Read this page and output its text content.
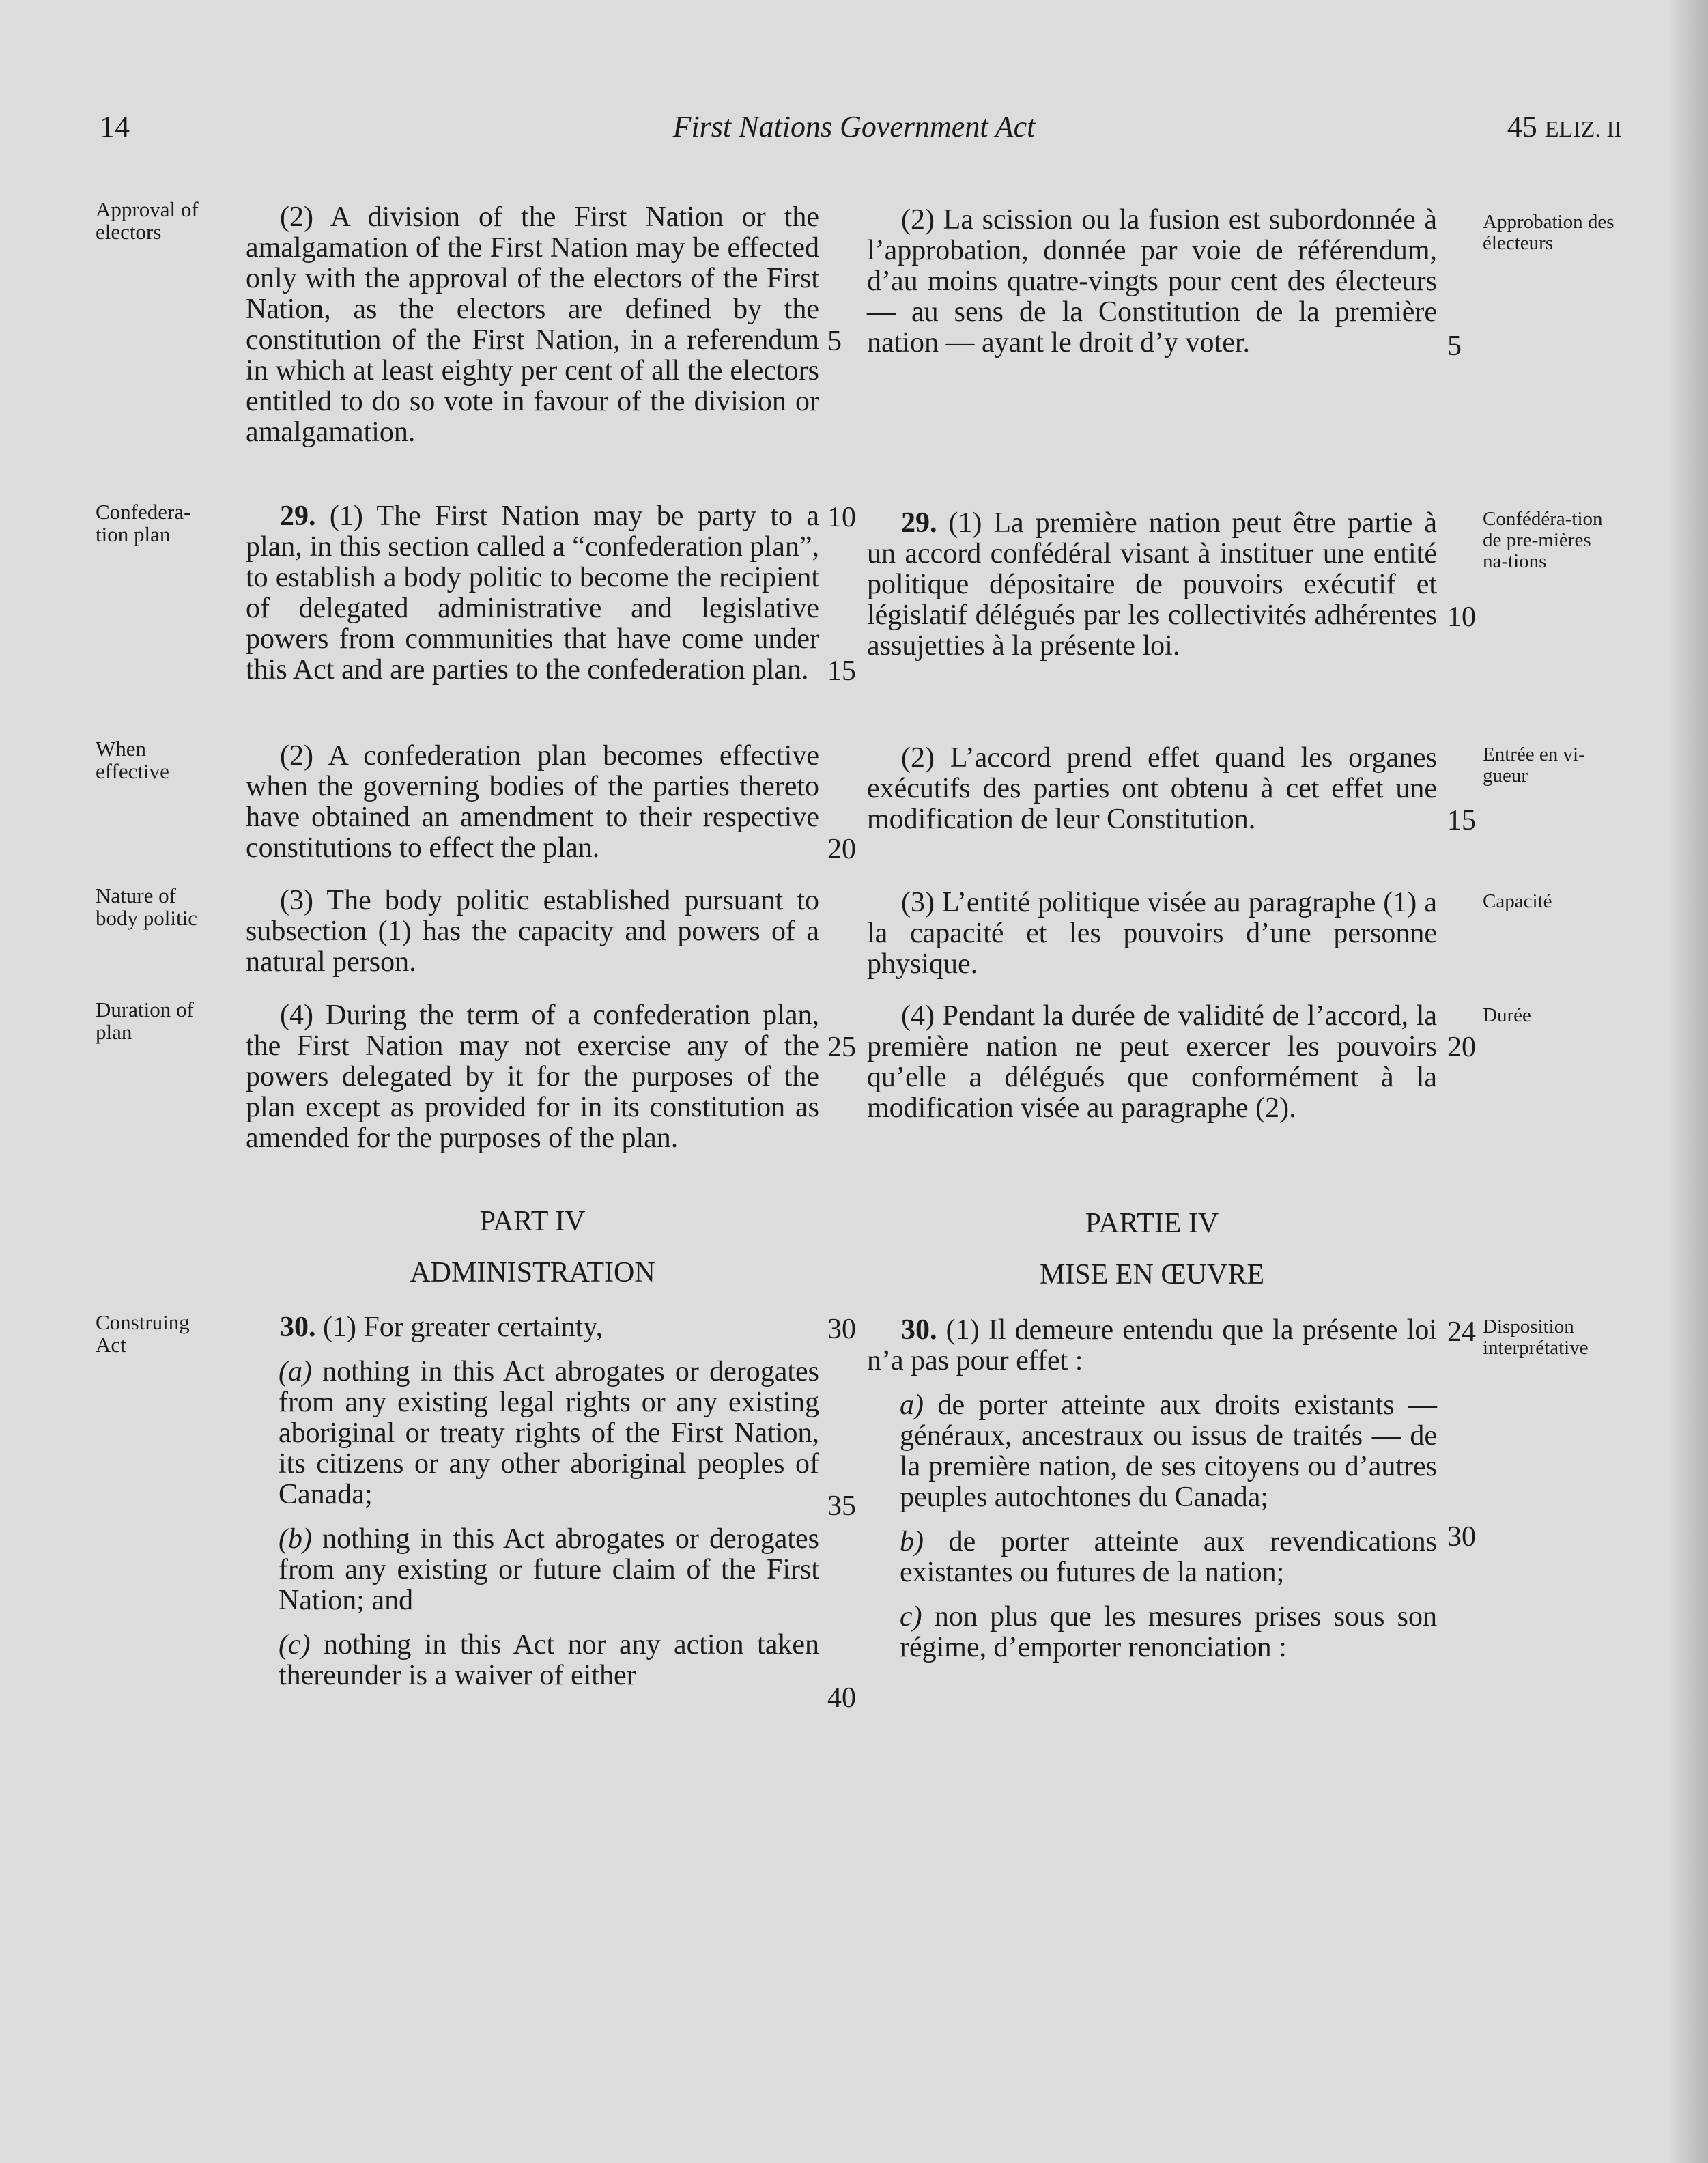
14	First Nations Government Act	45 ELIZ. II
Approval of electors
Confedera-tion plan
When effective
Nature of body politic
Duration of plan
Construing Act
Approbation des électeurs
Confédéra-tion de pre-mières na-tions
Entrée en vi-gueur
Capacité
Durée
Disposition interprétative

(2) A division of the First Nation or the amalgamation of the First Nation may be effected only with the approval of the electors of the First Nation, as the electors are defined by the constitution of the First Nation, in a referendum in which at least eighty per cent of all the electors entitled to do so vote in favour of the division or amalgamation.

29. (1) The First Nation may be party to a plan, in this section called a “confederation plan”, to establish a body politic to become the recipient of delegated administrative and legislative powers from communities that have come under this Act and are parties to the confederation plan.

(2) A confederation plan becomes effective when the governing bodies of the parties thereto have obtained an amendment to their respective constitutions to effect the plan.

(3) The body politic established pursuant to subsection (1) has the capacity and powers of a natural person.

(4) During the term of a confederation plan, the First Nation may not exercise any of the powers delegated by it for the purposes of the plan except as provided for in its constitution as amended for the purposes of the plan.

PART IV
ADMINISTRATION

30. (1) For greater certainty,

(a) nothing in this Act abrogates or derogates from any existing legal rights or any existing aboriginal or treaty rights of the First Nation, its citizens or any other aboriginal peoples of Canada;

(b) nothing in this Act abrogates or derogates from any existing or future claim of the First Nation; and

(c) nothing in this Act nor any action taken thereunder is a waiver of either

(2) La scission ou la fusion est subordonnée à l’approbation, donnée par voie de référendum, d’au moins quatre-vingts pour cent des électeurs — au sens de la Constitution de la première nation — ayant le droit d’y voter.

29. (1) La première nation peut être partie à un accord confédéral visant à instituer une entité politique dépositaire de pouvoirs exécutif et législatif délégués par les collectivités adhérentes assujetties à la présente loi.

(2) L’accord prend effet quand les organes exécutifs des parties ont obtenu à cet effet une modification de leur Constitution.

(3) L’entité politique visée au paragraphe (1) a la capacité et les pouvoirs d’une personne physique.

(4) Pendant la durée de validité de l’accord, la première nation ne peut exercer les pouvoirs qu’elle a délégués que conformément à la modification visée au paragraphe (2).

PARTIE IV
MISE EN ŒUVRE

30. (1) Il demeure entendu que la présente loi n’a pas pour effet :

a) de porter atteinte aux droits existants — généraux, ancestraux ou issus de traités — de la première nation, de ses citoyens ou d’autres peuples autochtones du Canada;

b) de porter atteinte aux revendications existantes ou futures de la nation;

c) non plus que les mesures prises sous son régime, d’emporter renonciation :

5
10
15
20
25
30
35
40
5
10
15
20
24
30
